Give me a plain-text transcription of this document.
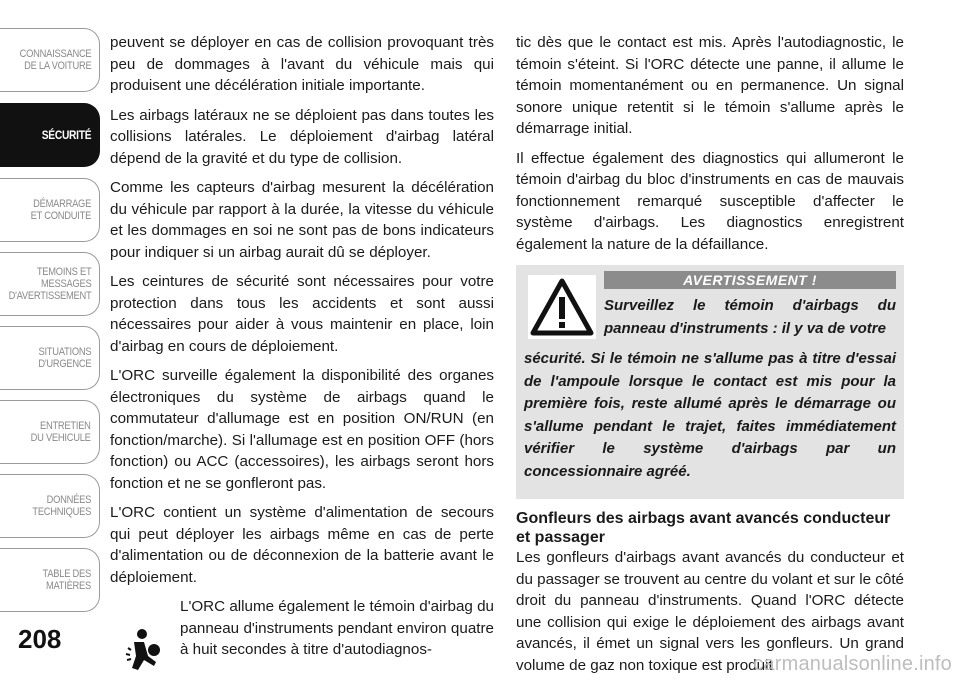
CONNAISSANCE
DE LA VOITURE
SÉCURITÉ
DÉMARRAGE
ET CONDUITE
TEMOINS ET
MESSAGES
D'AVERTISSEMENT
SITUATIONS
D'URGENCE
ENTRETIEN
DU VEHICULE
DONNÉES
TECHNIQUES
TABLE DES
MATIÈRES
208

peuvent se déployer en cas de collision provoquant très peu de dommages à l'avant du véhicule mais qui produisent une décélération initiale importante.

Les airbags latéraux ne se déploient pas dans toutes les collisions latérales. Le déploiement d'airbag latéral dépend de la gravité et du type de collision.

Comme les capteurs d'airbag mesurent la décélération du véhicule par rapport à la durée, la vitesse du véhicule et les dommages en soi ne sont pas de bons indicateurs pour indiquer si un airbag aurait dû se déployer.

Les ceintures de sécurité sont nécessaires pour votre protection dans tous les accidents et sont aussi nécessaires pour aider à vous maintenir en place, loin d'airbag en cours de déploiement.

L'ORC surveille également la disponibilité des organes électroniques du système de airbags quand le commutateur d'allumage est en position ON/RUN (en fonction/marche). Si l'allumage est en position OFF (hors fonction) ou ACC (accessoires), les airbags seront hors fonction et ne se gonfleront pas.

L'ORC contient un système d'alimentation de secours qui peut déployer les airbags même en cas de perte d'alimentation ou de déconnexion de la batterie avant le déploiement.

L'ORC allume également le témoin d'airbag du panneau d'instruments pendant environ quatre à huit secondes à titre d'autodiagnos-

tic dès que le contact est mis. Après l'autodiagnostic, le témoin s'éteint. Si l'ORC détecte une panne, il allume le témoin momentanément ou en permanence. Un signal sonore unique retentit si le témoin s'allume après le démarrage initial.

Il effectue également des diagnostics qui allumeront le témoin d'airbag du bloc d'instruments en cas de mauvais fonctionnement remarqué susceptible d'affecter le système d'airbags. Les diagnostics enregistrent également la nature de la défaillance.

AVERTISSEMENT !

Surveillez le témoin d'airbags du panneau d'instruments : il y va de votre

sécurité. Si le témoin ne s'allume pas à titre d'essai de l'ampoule lorsque le contact est mis pour la première fois, reste allumé après le démarrage ou s'allume pendant le trajet, faites immédiatement vérifier le système d'airbags par un concessionnaire agréé.

Gonfleurs des airbags avant avancés conducteur et passager

Les gonfleurs d'airbags avant avancés du conducteur et du passager se trouvent au centre du volant et sur le côté droit du panneau d'instruments. Quand l'ORC détecte une collision qui exige le déploiement des airbags avant avancés, il émet un signal vers les gonfleurs. Un grand volume de gaz non toxique est produit

carmanualsonline.info
